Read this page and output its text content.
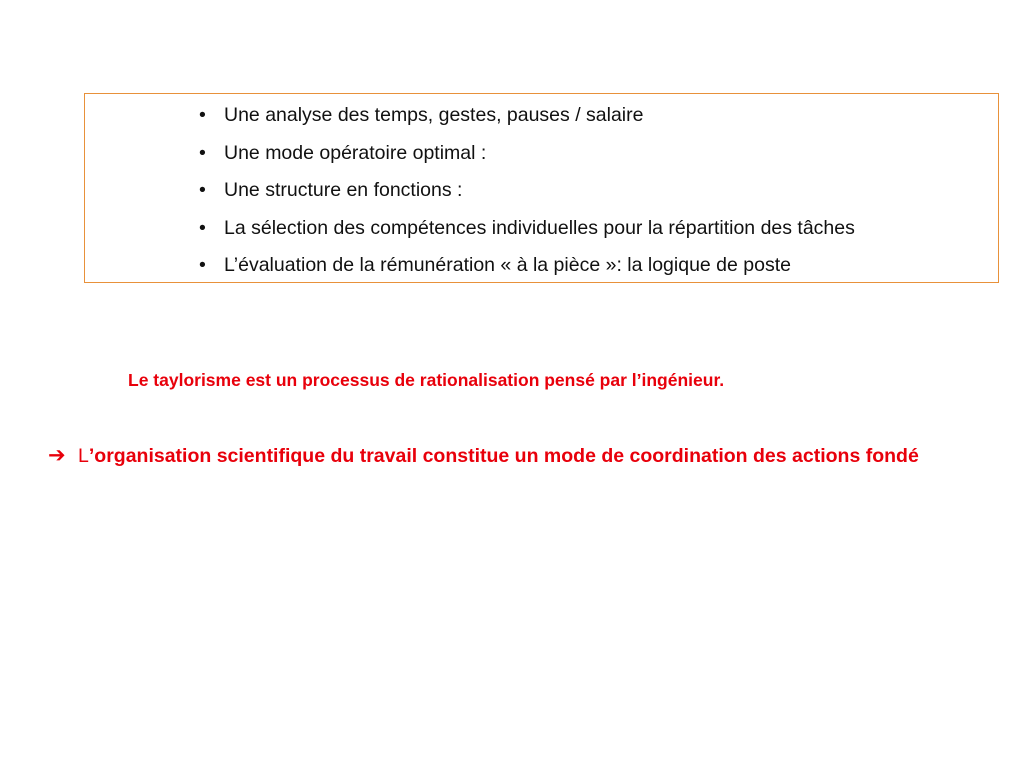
• Une analyse des temps, gestes, pauses / salaire
• Une mode opératoire optimal :
• Une structure en fonctions :
• La sélection des compétences individuelles pour la répartition des tâches
• L’évaluation de la rémunération « à la pièce »: la logique de poste
Le taylorisme est un processus de rationalisation pensé par l’ingénieur.
➔ L’organisation scientifique du travail constitue un mode de coordination des actions fondé
